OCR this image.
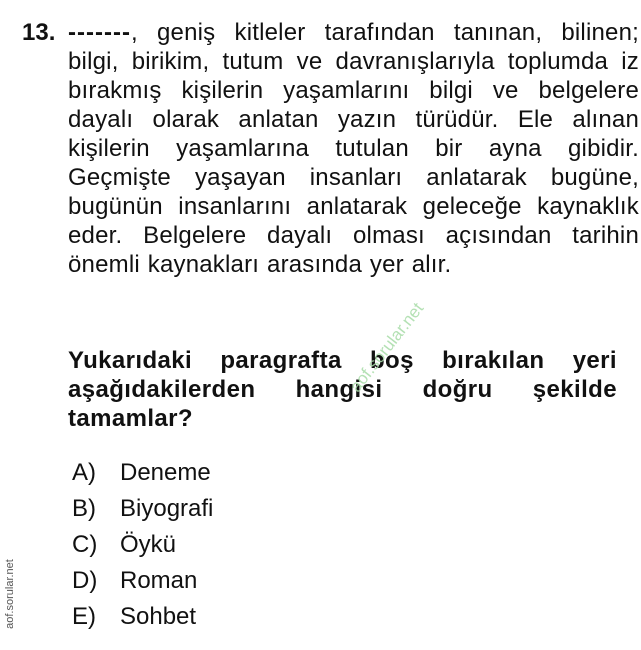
13. -------, geniş kitleler tarafından tanınan, bilinen; bilgi, birikim, tutum ve davranışlarıyla toplumda iz bırakmış kişilerin yaşamlarını bilgi ve belgelere dayalı olarak anlatan yazın türüdür. Ele alınan kişilerin yaşamlarına tutulan bir ayna gibidir. Geçmişte yaşayan insanları anlatarak bugüne, bugünün insanlarını anlatarak geleceğe kaynaklık eder. Belgelere dayalı olması açısından tarihin önemli kaynakları arasında yer alır.
Yukarıdaki paragrafta boş bırakılan yeri aşağıdakilerden hangisi doğru şekilde tamamlar?
A)	Deneme
B)	Biyografi
C) Öykü
D) Roman
E)	Sohbet
aof.sorular.net
aof.sorular.net
